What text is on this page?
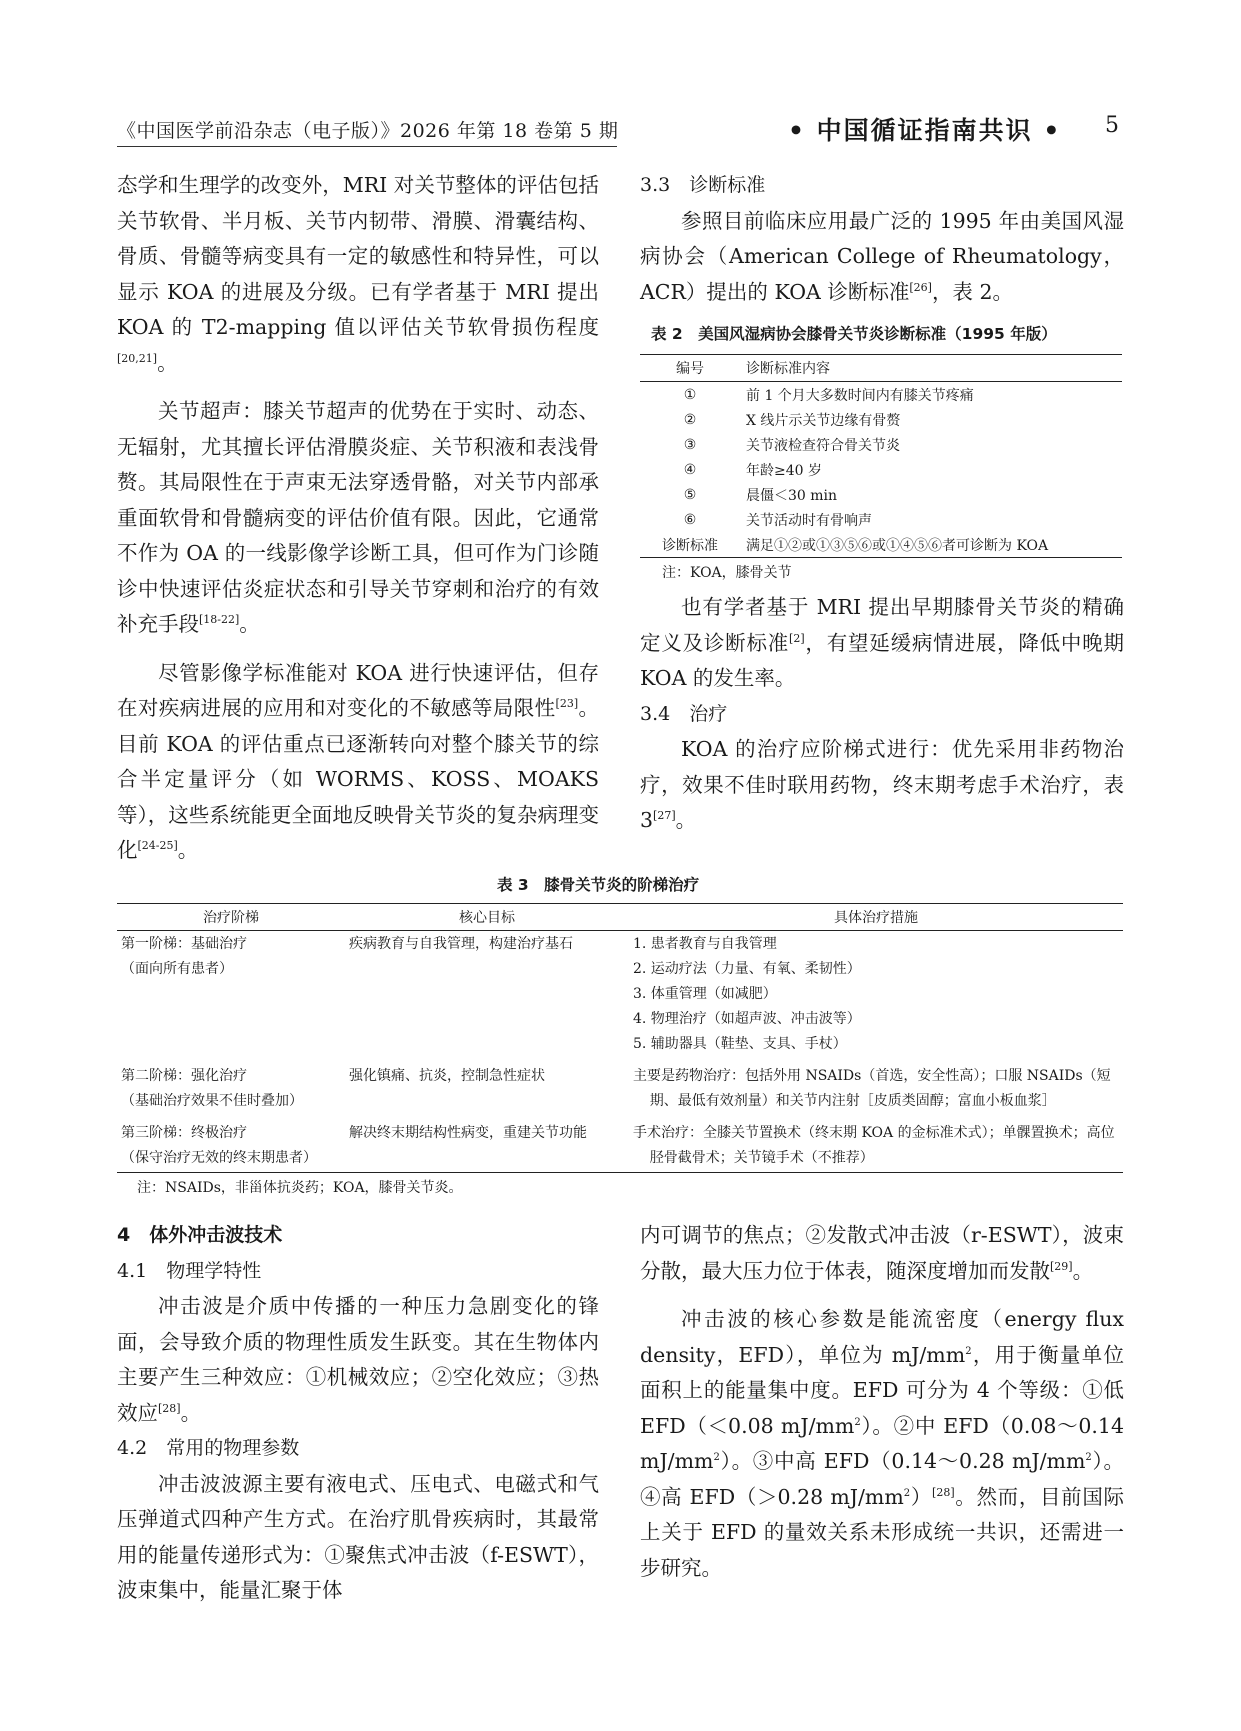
《中国医学前沿杂志（电子版）》2026 年第 18 卷第 5 期	• 中国循证指南共识 • 5

态学和生理学的改变外，MRI 对关节整体的评估包括关节软骨、半月板、关节内韧带、滑膜、滑囊结构、骨质、骨髓等病变具有一定的敏感性和特异性，可以显示 KOA 的进展及分级。已有学者基于 MRI 提出 KOA 的 T2-mapping 值以评估关节软骨损伤程度[20,21]。

关节超声：膝关节超声的优势在于实时、动态、无辐射，尤其擅长评估滑膜炎症、关节积液和表浅骨赘。其局限性在于声束无法穿透骨骼，对关节内部承重面软骨和骨髓病变的评估价值有限。因此，它通常不作为 OA 的一线影像学诊断工具，但可作为门诊随诊中快速评估炎症状态和引导关节穿刺和治疗的有效补充手段[18-22]。

尽管影像学标准能对 KOA 进行快速评估，但存在对疾病进展的应用和对变化的不敏感等局限性[23]。目前 KOA 的评估重点已逐渐转向对整个膝关节的综合半定量评分（如 WORMS、KOSS、MOAKS 等），这些系统能更全面地反映骨关节炎的复杂病理变化[24-25]。

3.3　诊断标准

参照目前临床应用最广泛的 1995 年由美国风湿病协会（American College of Rheumatology，ACR）提出的 KOA 诊断标准[26]，表 2。

表 2　美国风湿病协会膝骨关节炎诊断标准（1995 年版）
编号	诊断标准内容
①	前 1 个月大多数时间内有膝关节疼痛
②	X 线片示关节边缘有骨赘
③	关节液检查符合骨关节炎
④	年龄≥40 岁
⑤	晨僵＜30 min
⑥	关节活动时有骨响声
诊断标准	满足①②或①③⑤⑥或①④⑤⑥者可诊断为 KOA
注：KOA，膝骨关节

也有学者基于 MRI 提出早期膝骨关节炎的精确定义及诊断标准[2]，有望延缓病情进展，降低中晚期 KOA 的发生率。

3.4　治疗

KOA 的治疗应阶梯式进行：优先采用非药物治疗，效果不佳时联用药物，终末期考虑手术治疗，表 3[27]。

表 3　膝骨关节炎的阶梯治疗
治疗阶梯	核心目标	具体治疗措施

第一阶梯：基础治疗
（面向所有患者）	疾病教育与自我管理，构建治疗基石	1. 患者教育与自我管理
2. 运动疗法（力量、有氧、柔韧性）
3. 体重管理（如减肥）
4. 物理治疗（如超声波、冲击波等）
5. 辅助器具（鞋垫、支具、手杖）

第二阶梯：强化治疗
（基础治疗效果不佳时叠加）	强化镇痛、抗炎，控制急性症状	主要是药物治疗：包括外用 NSAIDs（首选，安全性高）；口服 NSAIDs（短期、最低有效剂量）和关节内注射［皮质类固醇；富血小板血浆］

第三阶梯：终极治疗
（保守治疗无效的终末期患者）	解决终末期结构性病变，重建关节功能	手术治疗：全膝关节置换术（终末期 KOA 的金标准术式）；单髁置换术；高位胫骨截骨术；关节镜手术（不推荐）
注：NSAIDs，非甾体抗炎药；KOA，膝骨关节炎。
4　体外冲击波技术
4.1　物理学特性

冲击波是介质中传播的一种压力急剧变化的锋面，会导致介质的物理性质发生跃变。其在生物体内主要产生三种效应：①机械效应；②空化效应；③热效应[28]。

4.2　常用的物理参数

冲击波波源主要有液电式、压电式、电磁式和气压弹道式四种产生方式。在治疗肌骨疾病时，其最常用的能量传递形式为：①聚焦式冲击波（f-ESWT），波束集中，能量汇聚于体

内可调节的焦点；②发散式冲击波（r-ESWT），波束分散，最大压力位于体表，随深度增加而发散[29]。

冲击波的核心参数是能流密度（energy flux density，EFD），单位为 $mJ/mm^2$，用于衡量单位面积上的能量集中度。EFD 可分为 4 个等级：①低 EFD（＜0.08 $mJ/mm^2$）。②中 EFD（0.08～0.14 $mJ/mm^2$）。③中高 EFD（0.14～0.28 $mJ/mm^2$）。④高 EFD（＞0.28 $mJ/mm^2)[28]$。然而，目前国际上关于 EFD 的量效关系未形成统一共识，还需进一步研究。
